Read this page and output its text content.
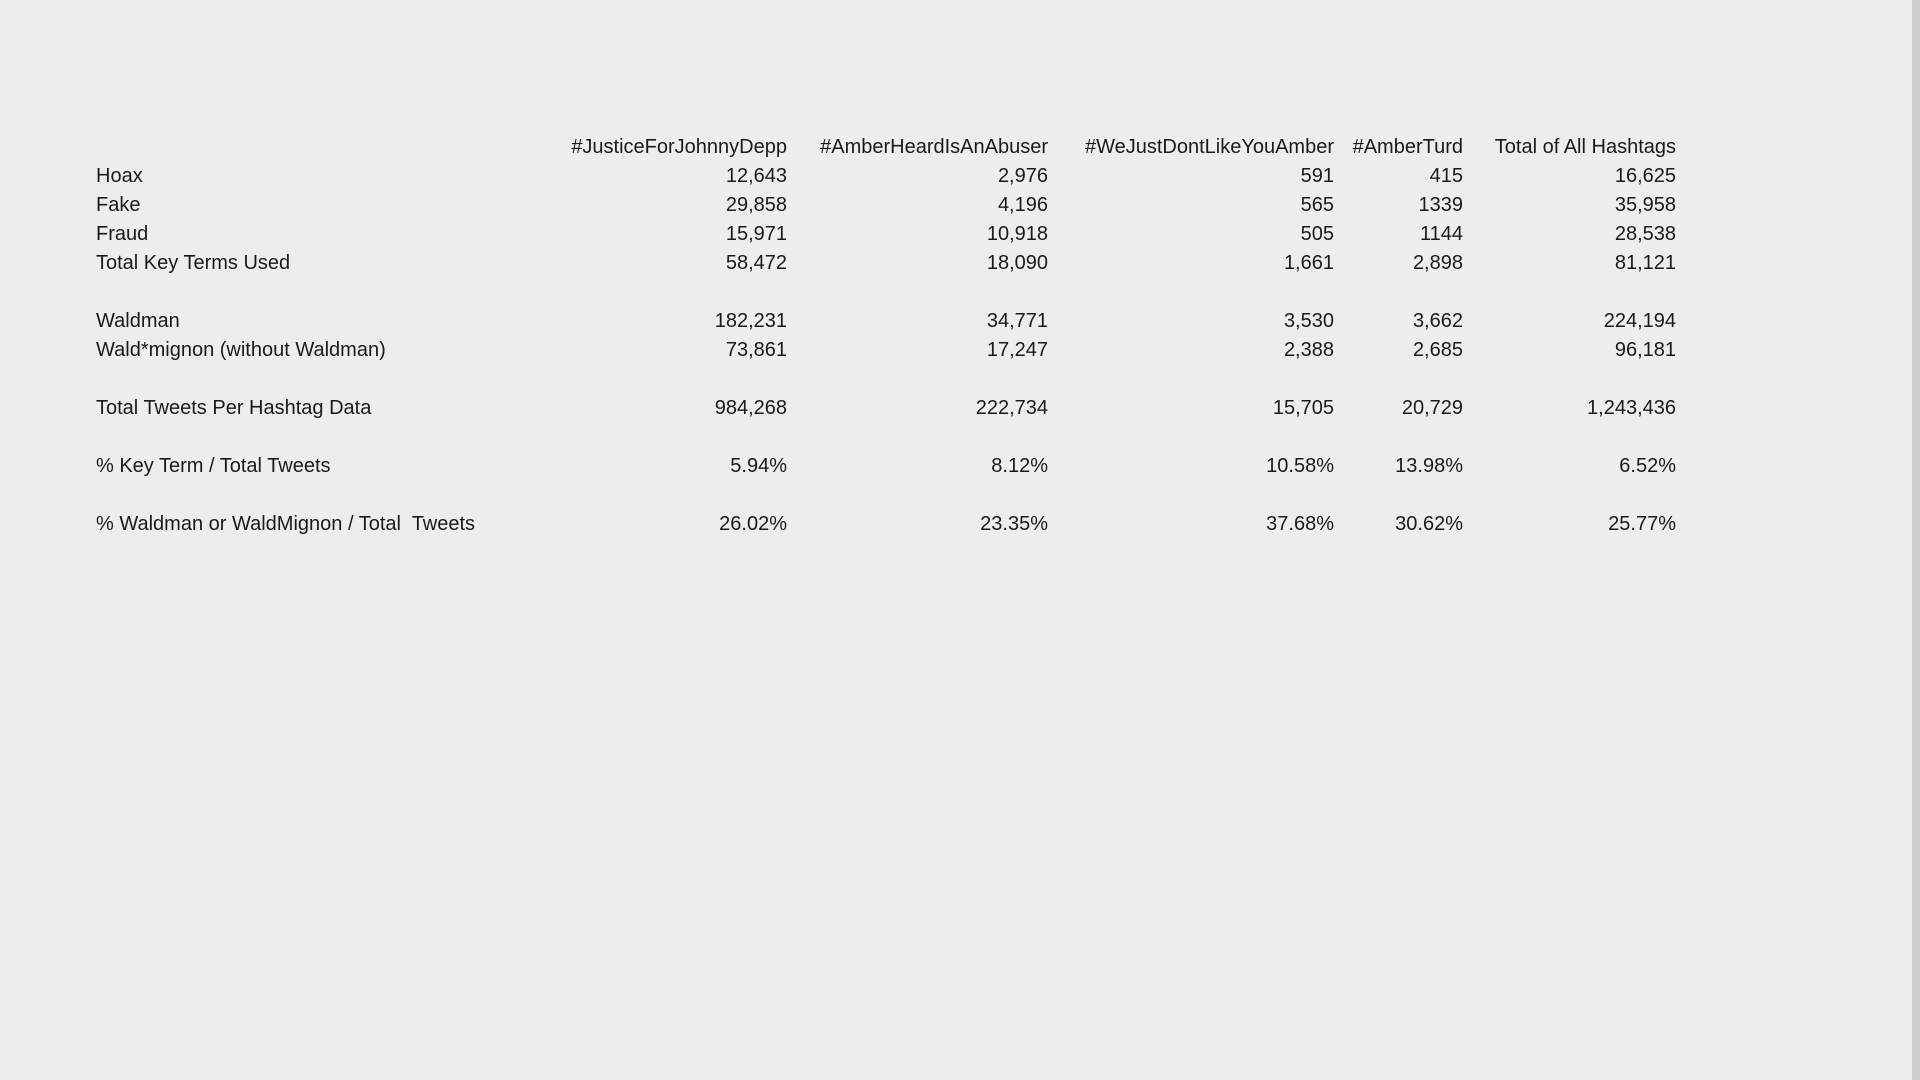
	#JusticeForJohnnyDepp	#AmberHeardIsAnAbuser	#WeJustDontLikeYouAmber	#AmberTurd	Total of All Hashtags
Hoax	12,643	2,976	591	415	16,625
Fake	29,858	4,196	565	1339	35,958
Fraud	15,971	10,918	505	1144	28,538
Total Key Terms Used	58,472	18,090	1,661	2,898	81,121

Waldman	182,231	34,771	3,530	3,662	224,194
Wald*mignon (without Waldman)	73,861	17,247	2,388	2,685	96,181

Total Tweets Per Hashtag Data	984,268	222,734	15,705	20,729	1,243,436

% Key Term / Total Tweets	5.94%	8.12%	10.58%	13.98%	6.52%

% Waldman or WaldMignon / Total  Tweets	26.02%	23.35%	37.68%	30.62%	25.77%
